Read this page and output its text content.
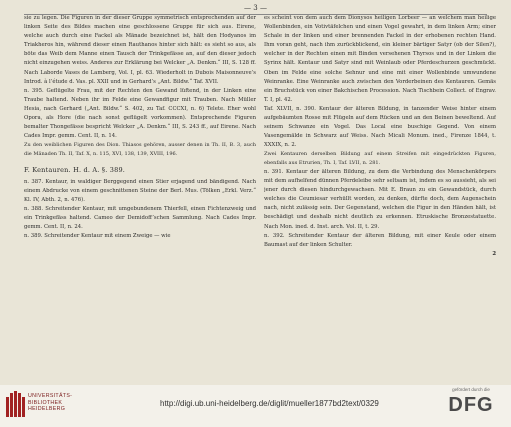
— 3 —

sie zu legen. Die Figuren in der dieser Gruppe symmetrisch entsprechenden auf der linken Seite des Bildes machen eine geschlossene Gruppe für sich aus. Eirene, welche auch durch eine Fackel als Mänade bezeichnet ist, hält den Hodyanos im Triakheros hin, während dieser einen Rauthanos hinter sich hält: es sieht so aus, als böte das Weib dem Manne einen Tausch der Trinkgefässe an, auf den dieser jedoch nicht einzugehen weiss. Anderes zur Erklärung bei Welcker „A. Denkm.“ III, S. 128 ff. Nach Laborde Vases de Lamberg, Vol. I, pl. 63. Wiederholt in Dubois Maisonneuve’s Introd. à l’étude d. Vas. pl. XXII und in Gerhard’s „Ant. Bildw.“ Taf. XVII.

n. 395. Geflügelte Frau, mit der Rechten den Gewand lüftend, in der Linken eine Traube haltend. Neben ihr im Felde eine Gewandfigur mit Trauben. Nach Müller Hesia, nach Gerhard („Ant. Bildw.“ S. 402, zu Taf. CCCXI, n. 6) Telete. Eher wohl Opora, als Hore (die nach sonst geflügelt vorkommen). Entsprechende Figuren bemalter Thongefässe bespricht Welcker „A. Denkm.“ III, S. 243 ff., auf Eirene. Nach Cades Impr. gemm. Cent. II, n. 14.

Zu den weiblichen Figuren des Dion. Thiasos gehören, ausser denen in Th. II, B. 3, auch die Mänaden Th. II, Taf. X, n. 115, XVI, 138, 139, XVIII, 196.

F. Kentauren. H. d. A. §. 389.

n. 387. Kentaur, in waldiger Berggegend einen Stier erjagend und bändigend. Nach einem Abdrucke von einem geschnittenen Steine der Berl. Mus. (Tölken „Erkl. Verz.“ Kl. IV, Abth. 2, n. 476).

n. 388. Schreitender Kentaur, mit umgebundenem Thierfell, einen Fichtenzweig und ein Trinkgefäss haltend. Cameo der Demidoff’schen Sammlung. Nach Cades Impr. gemm. Cent. II, n. 24.

n. 389. Schreitender Kentaur mit einem Zweige — wie

es scheint von dem auch dem Dionysos heiligen Lorbeer — an welchem man heilige Wollenbinden, ein Votivtäfelchen und einen Vogel gewahrt, in dem linken Arm; einer Schale in der linken und einer brennenden Fackel in der erhobenen rechten Hand. Ihm voran geht, nach ihm zurückblickend, ein kleiner bärtiger Satyr (ob der Silen?), welcher in der Rechten einen mit Binden versehenen Thyrsos und in der Linken die Syrinx hält. Kentaur und Satyr sind mit Weinlaub oder Pferdeschurzen geschmückt. Oben im Felde eine solche Sehnur und eine mit einer Wollenbinde umwundene Weinranke. Eine Weinranke auch zwischen den Vorderbeinen des Kentauren. Gemäs ein Bruchstück von einer Bakchischen Procession. Nach Tischbein Collect. of Engrav. T. I, pl. 42.

Taf. XLVII, n. 390. Kentaur der älteren Bildung, in tanzender Weise hinter einem aufgebäumten Rosse mit Flügeln auf dem Rücken und an den Beinen beweltend. Auf seinem Schwanze ein Vogel. Das Local eine buschige Gegend. Von einem Vasengemälde in Schwarz auf Weiss. Nach Micali Monum. ined., Firenze 1844, t. XXXIX, n. 2.

Zwei Kentauren derselben Bildung auf einem Streifen mit eingedrückten Figuren, ebenfalls aus Etrurien, Th. I, Taf. LVII, n. 281.

n. 391. Kentaur der älteren Bildung, zu dem die Verbindung des Menschenkörpers mit dem aufhelfend dünnen Pferdeleibe sehr seltsam ist, indem es so aussieht, als sei jener durch diesen hindurchgewachsen. Mit E. Braun zu ein Gewandstück, durch welches die Ceumiesar verhüllt worden, zu denken, dürfte doch, dem Augenschein nach, nicht zulässig sein. Der Gegenstand, welchen die Figur in den Händen hält, ist beschädigt und deshalb nicht deutlich zu erkennen. Etruskische Bronzestatuette. Nach Mon. ined. d. Inst. arch. Vol. II, t. 29.

n. 392. Schreitender Kentaur der älteren Bildung, mit einer Keule oder einem Baumast auf der linken Schulter.

2

UNIVERSITÄTS-
BIBLIOTHEK
HEIDELBERG
http://digi.ub.uni-heidelberg.de/diglit/mueller1877bd2text/0329
gefördert durch die
DFG
